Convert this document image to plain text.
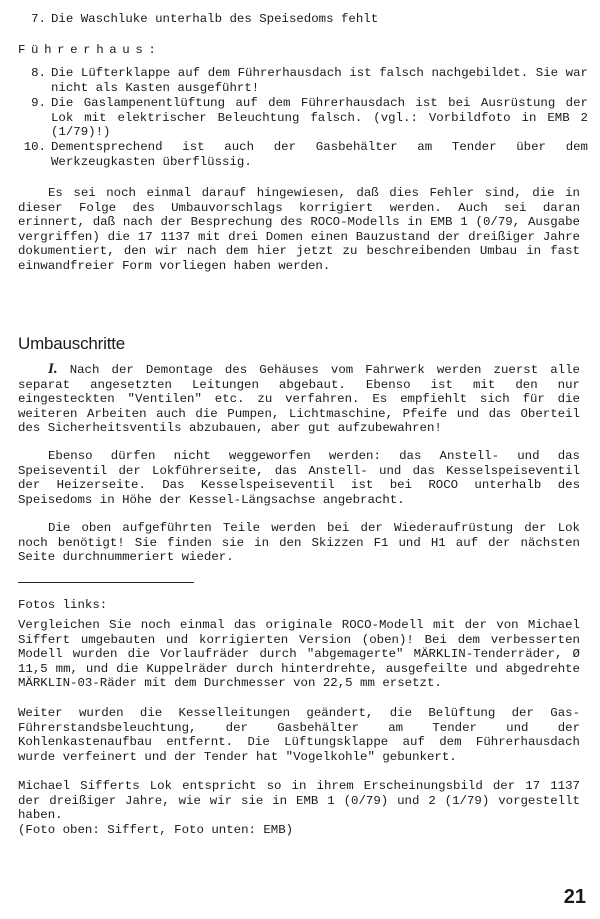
7. Die Waschluke unterhalb des Speisedoms fehlt
Führerhaus:
8. Die Lüfterklappe auf dem Führerhausdach ist falsch nachgebildet. Sie war nicht als Kasten ausgeführt!
9. Die Gaslampenentlüftung auf dem Führerhausdach ist bei Ausrüstung der Lok mit elektrischer Beleuchtung falsch. (vgl.: Vorbildfoto in EMB 2 (1/79)!)
10. Dementsprechend ist auch der Gasbehälter am Tender über dem Werkzeugkasten überflüssig.
Es sei noch einmal darauf hingewiesen, daß dies Fehler sind, die in dieser Folge des Umbauvorschlags korrigiert werden. Auch sei daran erinnert, daß nach der Besprechung des ROCO-Modells in EMB 1 (0/79, Ausgabe vergriffen) die 17 1137 mit drei Domen einen Bauzustand der dreißiger Jahre dokumentiert, den wir nach dem hier jetzt zu beschreibenden Umbau in fast einwandfreier Form vorliegen haben werden.
Umbauschritte
I. Nach der Demontage des Gehäuses vom Fahrwerk werden zuerst alle separat angesetzten Leitungen abgebaut. Ebenso ist mit den nur eingesteckten "Ventilen" etc. zu verfahren. Es empfiehlt sich für die weiteren Arbeiten auch die Pumpen, Lichtmaschine, Pfeife und das Oberteil des Sicherheitsventils abzubauen, aber gut aufzubewahren!
Ebenso dürfen nicht weggeworfen werden: das Anstell- und das Speiseventil der Lokführerseite, das Anstell- und das Kesselspeiseventil der Heizerseite. Das Kesselspeiseventil ist bei ROCO unterhalb des Speisedoms in Höhe der Kessel-Längsachse angebracht.
Die oben aufgeführten Teile werden bei der Wiederaufrüstung der Lok noch benötigt! Sie finden sie in den Skizzen F1 und H1 auf der nächsten Seite durchnummeriert wieder.
Fotos links:
Vergleichen Sie noch einmal das originale ROCO-Modell mit der von Michael Siffert umgebauten und korrigierten Version (oben)! Bei dem verbesserten Modell wurden die Vorlaufräder durch "abgemagerte" MÄRKLIN-Tenderräder, Ø 11,5 mm, und die Kuppelräder durch hinterdrehte, ausgefeilte und abgedrehte MÄRKLIN-03-Räder mit dem Durchmesser von 22,5 mm ersetzt.
Weiter wurden die Kesselleitungen geändert, die Belüftung der Gas-Führerstandsbeleuchtung, der Gasbehälter am Tender und der Kohlenkastenaufbau entfernt. Die Lüftungsklappe auf dem Führerhausdach wurde verfeinert und der Tender hat "Vogelkohle" gebunkert.
Michael Sifferts Lok entspricht so in ihrem Erscheinungsbild der 17 1137 der dreißiger Jahre, wie wir sie in EMB 1 (0/79) und 2 (1/79) vorgestellt haben.
(Foto oben: Siffert, Foto unten: EMB)
21
